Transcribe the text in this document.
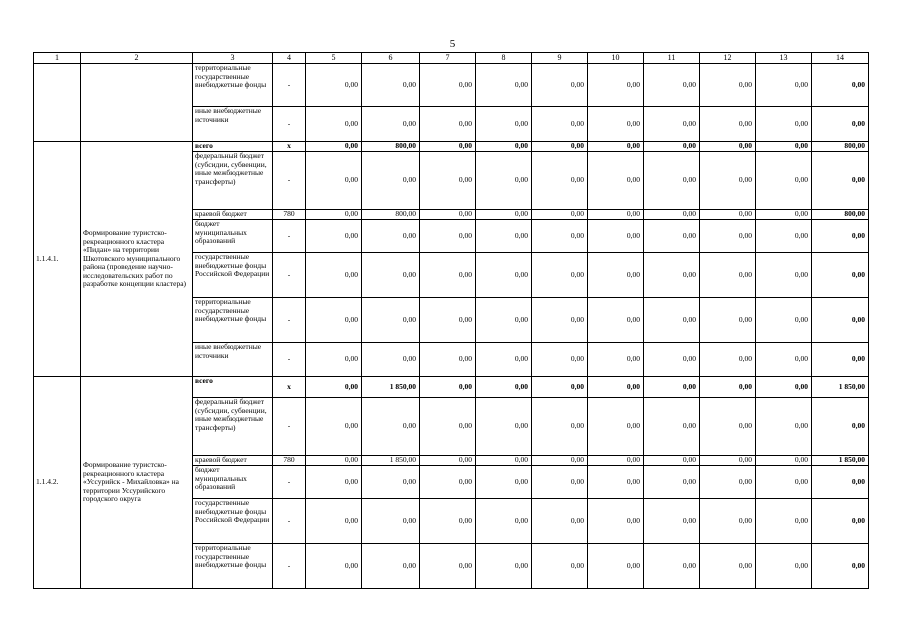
5
1	2	3	4	5	6	7	8	9	10	11	12	13	14
		территориальные государственные внебюджетные фонды	-	0,00	0,00	0,00	0,00	0,00	0,00	0,00	0,00	0,00	0,00
		иные внебюджетные источники	-	0,00	0,00	0,00	0,00	0,00	0,00	0,00	0,00	0,00	0,00
1.1.4.1.	Формирование туристско-рекреационного кластера «Пидан» на территории Шкотовского муниципального района (проведение научно-исследовательских работ по разработке концепции кластера)	всего	х	0,00	800,00	0,00	0,00	0,00	0,00	0,00	0,00	0,00	800,00
		федеральный бюджет (субсидии, субвенции, иные межбюджетные трансферты)	-	0,00	0,00	0,00	0,00	0,00	0,00	0,00	0,00	0,00	0,00
		краевой бюджет	780	0,00	800,00	0,00	0,00	0,00	0,00	0,00	0,00	0,00	800,00
		бюджет муниципальных образований	-	0,00	0,00	0,00	0,00	0,00	0,00	0,00	0,00	0,00	0,00
		государственные внебюджетные фонды Российской Федерации	-	0,00	0,00	0,00	0,00	0,00	0,00	0,00	0,00	0,00	0,00
		территориальные государственные внебюджетные фонды	-	0,00	0,00	0,00	0,00	0,00	0,00	0,00	0,00	0,00	0,00
		иные внебюджетные источники	-	0,00	0,00	0,00	0,00	0,00	0,00	0,00	0,00	0,00	0,00
1.1.4.2.	Формирование туристско-рекреационного кластера «Уссурийск - Михайловка» на территории Уссурийского городского округа	всего	х	0,00	1 850,00	0,00	0,00	0,00	0,00	0,00	0,00	0,00	1 850,00
		федеральный бюджет (субсидии, субвенции, иные межбюджетные трансферты)	-	0,00	0,00	0,00	0,00	0,00	0,00	0,00	0,00	0,00	0,00
		краевой бюджет	780	0,00	1 850,00	0,00	0,00	0,00	0,00	0,00	0,00	0,00	1 850,00
		бюджет муниципальных образований	-	0,00	0,00	0,00	0,00	0,00	0,00	0,00	0,00	0,00	0,00
		государственные внебюджетные фонды Российской Федерации	-	0,00	0,00	0,00	0,00	0,00	0,00	0,00	0,00	0,00	0,00
		территориальные государственные внебюджетные фонды	-	0,00	0,00	0,00	0,00	0,00	0,00	0,00	0,00	0,00	0,00
